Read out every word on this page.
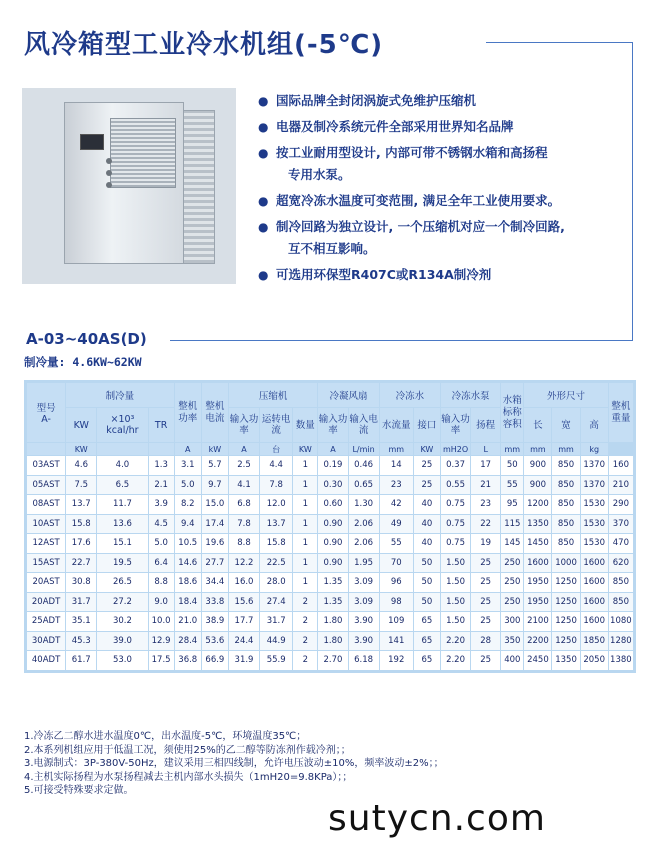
风冷箱型工业冷水机组(-5℃)
● 国际品牌全封闭涡旋式免维护压缩机
● 电器及制冷系统元件全部采用世界知名品牌
● 按工业耐用型设计, 内部可带不锈钢水箱和高扬程
专用水泵。
● 超宽冷冻水温度可变范围, 满足全年工业使用要求。
● 制冷回路为独立设计, 一个压缩机对应一个制冷回路,
互不相互影响。
● 可选用环保型R407C或R134A制冷剂
A-03~40AS(D)
制冷量: 4.6KW~62KW
型号
A-	制冷量			整机功率	整机电流	压缩机			冷凝风扇		冷冻水		冷冻水泵		水箱标称容积	外形尺寸			整机重量
	KW	×10³ kcal/hr	TR			输入功率	运转电流	数量	输入功率	输入电流	水流量	接口	输入功率	扬程		长	宽	高	
	KW			A	kW	A	台	KW	A	L/min	mm	KW	mH2O	L	mm	mm	mm	kg	
03AST	4.6	4.0	1.3	3.1	5.7	2.5	4.4	1	0.19	0.46	14	25	0.37	17	50	900	850	1370	160
05AST	7.5	6.5	2.1	5.0	9.7	4.1	7.8	1	0.30	0.65	23	25	0.55	21	55	900	850	1370	210
08AST	13.7	11.7	3.9	8.2	15.0	6.8	12.0	1	0.60	1.30	42	40	0.75	23	95	1200	850	1530	290
10AST	15.8	13.6	4.5	9.4	17.4	7.8	13.7	1	0.90	2.06	49	40	0.75	22	115	1350	850	1530	370
12AST	17.6	15.1	5.0	10.5	19.6	8.8	15.8	1	0.90	2.06	55	40	0.75	19	145	1450	850	1530	470
15AST	22.7	19.5	6.4	14.6	27.7	12.2	22.5	1	0.90	1.95	70	50	1.50	25	250	1600	1000	1600	620
20AST	30.8	26.5	8.8	18.6	34.4	16.0	28.0	1	1.35	3.09	96	50	1.50	25	250	1950	1250	1600	850
20ADT	31.7	27.2	9.0	18.4	33.8	15.6	27.4	2	1.35	3.09	98	50	1.50	25	250	1950	1250	1600	850
25ADT	35.1	30.2	10.0	21.0	38.9	17.7	31.7	2	1.80	3.90	109	65	1.50	25	300	2100	1250	1600	1080
30ADT	45.3	39.0	12.9	28.4	53.6	24.4	44.9	2	1.80	3.90	141	65	2.20	28	350	2200	1250	1850	1280
40ADT	61.7	53.0	17.5	36.8	66.9	31.9	55.9	2	2.70	6.18	192	65	2.20	25	400	2450	1350	2050	1380
1.冷冻乙二醇水进水温度0℃，出水温度-5℃，环境温度35℃；
2.本系列机组应用于低温工况，须使用25%的乙二醇等防冻剂作载冷剂；；
3.电源制式：3P-380V-50Hz，建议采用三相四线制，允许电压波动±10%，频率波动±2%；；
4.主机实际扬程为水泵扬程减去主机内部水头损失（1mH20=9.8KPa）；；
5.可接受特殊要求定做。
sutycn.com
